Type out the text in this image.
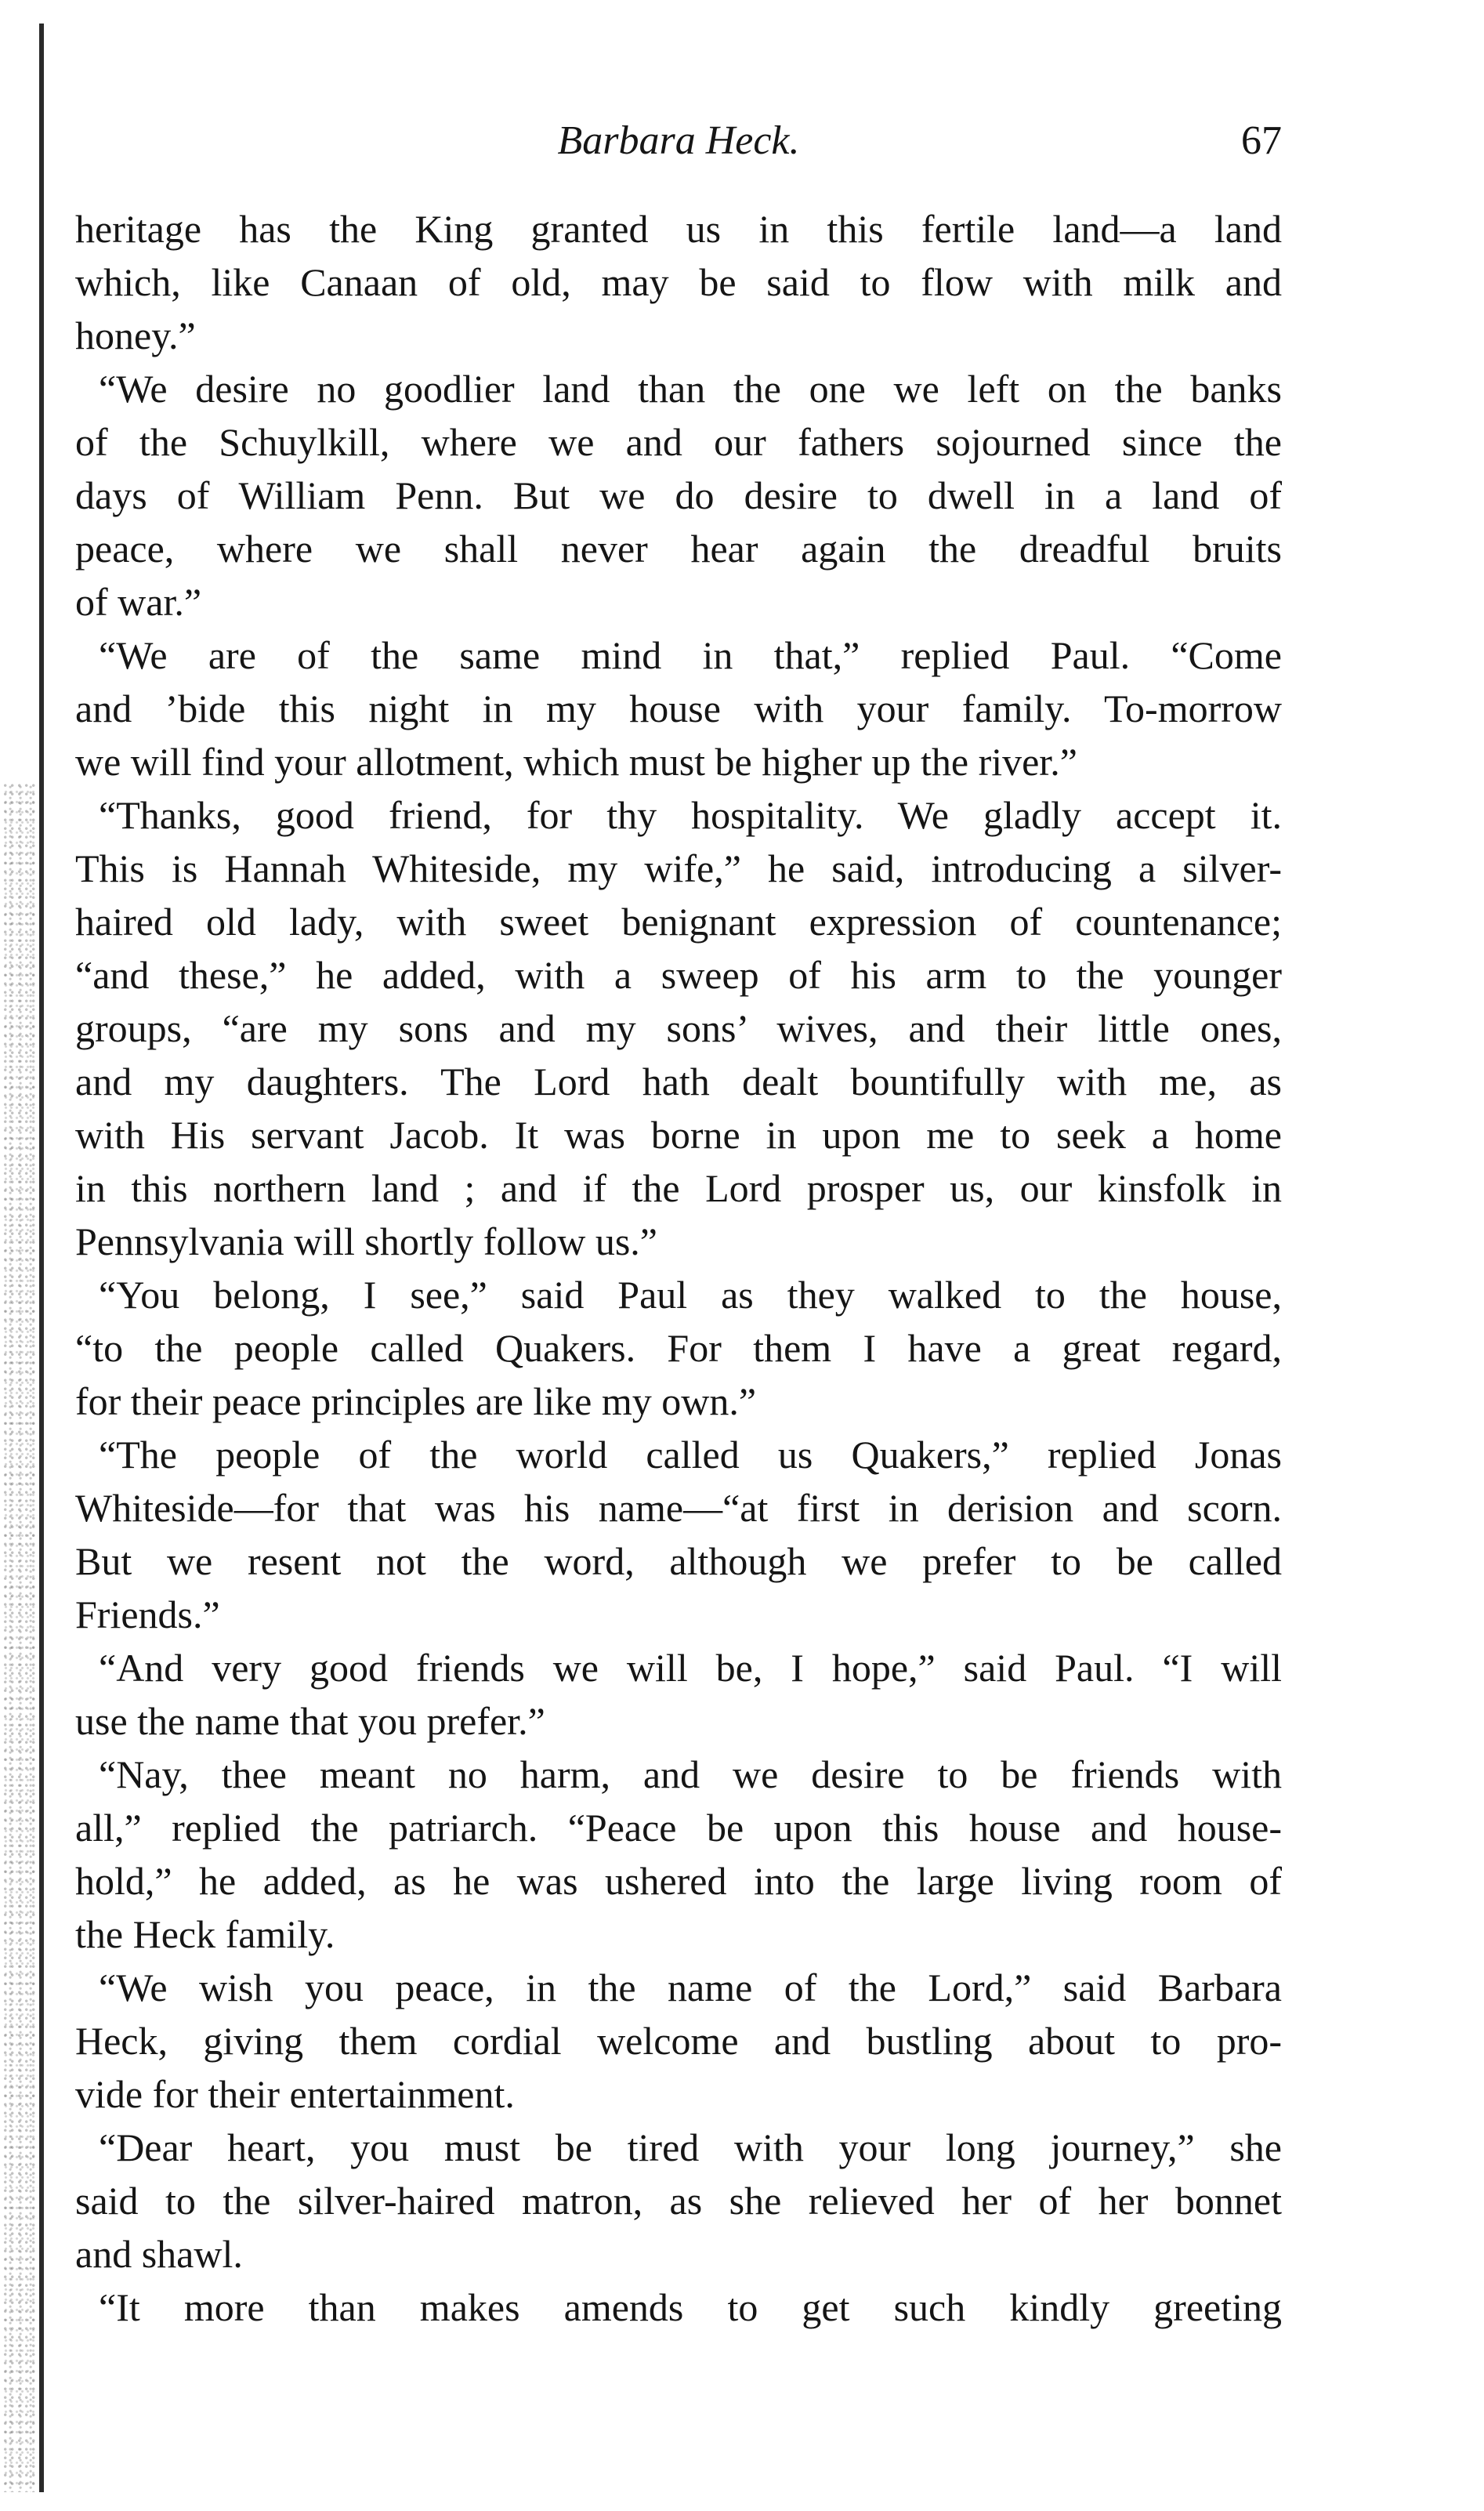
Barbara Heck.	67
heritage has the King granted us in this fertile land—a land
which, like Canaan of old, may be said to flow with milk and
honey.”
“We desire no goodlier land than the one we left on the banks
of the Schuylkill, where we and our fathers sojourned since the
days of William Penn. But we do desire to dwell in a land of
peace, where we shall never hear again the dreadful bruits
of war.”
“We are of the same mind in that,” replied Paul. “Come
and ’bide this night in my house with your family. To-morrow
we will find your allotment, which must be higher up the river.”
“Thanks, good friend, for thy hospitality. We gladly accept it.
This is Hannah Whiteside, my wife,” he said, introducing a silver-
haired old lady, with sweet benignant expression of countenance;
“and these,” he added, with a sweep of his arm to the younger
groups, “are my sons and my sons’ wives, and their little ones,
and my daughters. The Lord hath dealt bountifully with me, as
with His servant Jacob. It was borne in upon me to seek a home
in this northern land ; and if the Lord prosper us, our kinsfolk in
Pennsylvania will shortly follow us.”
“You belong, I see,” said Paul as they walked to the house,
“to the people called Quakers. For them I have a great regard,
for their peace principles are like my own.”
“The people of the world called us Quakers,” replied Jonas
Whiteside—for that was his name—“at first in derision and scorn.
But we resent not the word, although we prefer to be called
Friends.”
“And very good friends we will be, I hope,” said Paul. “I will
use the name that you prefer.”
“Nay, thee meant no harm, and we desire to be friends with
all,” replied the patriarch. “Peace be upon this house and house-
hold,” he added, as he was ushered into the large living room of
the Heck family.
“We wish you peace, in the name of the Lord,” said Barbara
Heck, giving them cordial welcome and bustling about to pro-
vide for their entertainment.
“Dear heart, you must be tired with your long journey,” she
said to the silver-haired matron, as she relieved her of her bonnet
and shawl.
“It more than makes amends to get such kindly greeting
